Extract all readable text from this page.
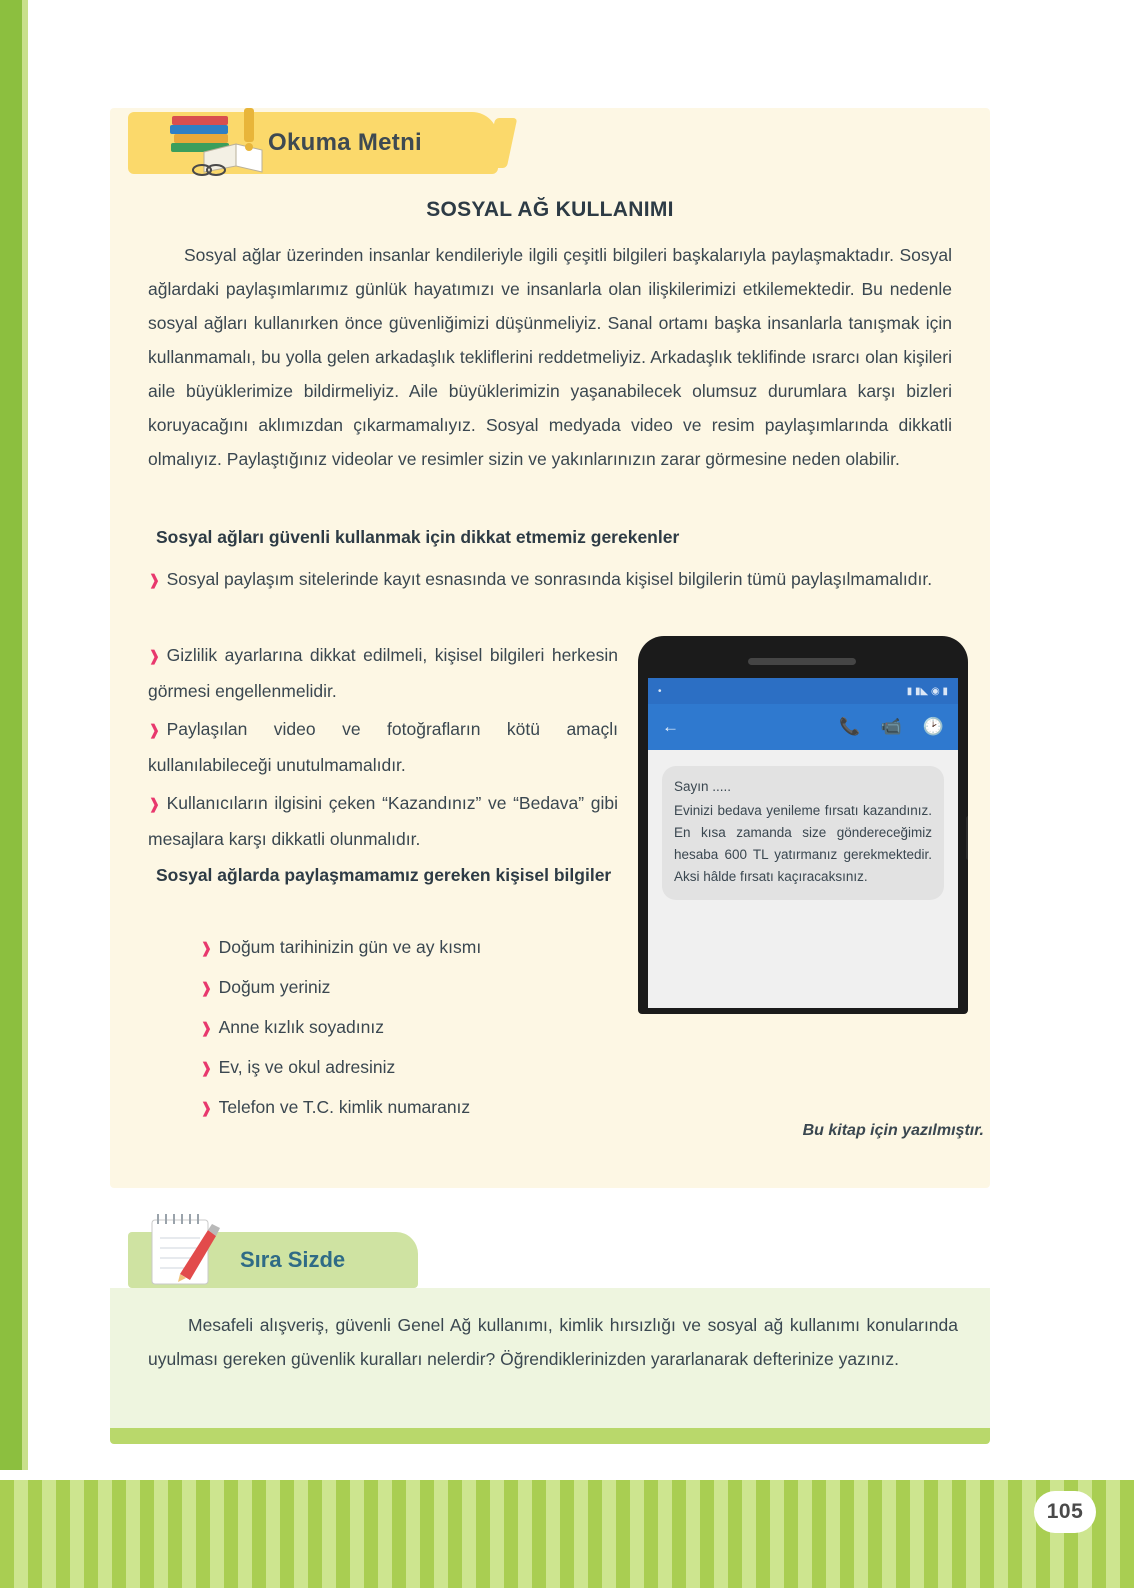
Okuma Metni
SOSYAL AĞ KULLANIMI

Sosyal ağlar üzerinden insanlar kendileriyle ilgili çeşitli bilgileri başkalarıyla paylaşmaktadır. Sosyal ağlardaki paylaşımlarımız günlük hayatımızı ve insanlarla olan ilişkilerimizi etkilemektedir. Bu nedenle sosyal ağları kullanırken önce güvenliğimizi düşünmeliyiz. Sanal ortamı başka insanlarla tanışmak için kullanmamalı, bu yolla gelen arkadaşlık tekliflerini reddetmeliyiz. Arkadaşlık teklifinde ısrarcı olan kişileri aile büyüklerimize bildirmeliyiz. Aile büyüklerimizin yaşanabilecek olumsuz durumlara karşı bizleri koruyacağını aklımızdan çıkarmamalıyız. Sosyal medyada video ve resim paylaşımlarında dikkatli olmalıyız. Paylaştığınız videolar ve resimler sizin ve yakınlarınızın zarar görmesine neden olabilir.

Sosyal ağları güvenli kullanmak için dikkat etmemiz gerekenler
❱ Sosyal paylaşım sitelerinde kayıt esnasında ve sonrasında kişisel bilgilerin tümü paylaşılmamalıdır.
❱ Gizlilik ayarlarına dikkat edilmeli, kişisel bilgileri herkesin görmesi engellenmelidir.
❱ Paylaşılan video ve fotoğrafların kötü amaçlı kullanılabileceği unutulmamalıdır.
❱ Kullanıcıların ilgisini çeken “Kazandınız” ve “Bedava” gibi mesajlara karşı dikkatli olunmalıdır.
Sosyal ağlarda paylaşmamamız gereken kişisel bilgiler
❱ Doğum tarihinizin gün ve ay kısmı
❱ Doğum yeriniz
❱ Anne kızlık soyadınız
❱ Ev, iş ve okul adresiniz
❱ Telefon ve T.C. kimlik numaranız
Bu kitap için yazılmıştır.
•	▮ ▮◣ ◉ ▮
←	📞 📹 🕑
Sayın .....
Evinizi bedava yenileme fırsatı kazandınız. En kısa zamanda size göndereceğimiz hesaba 600 TL yatırmanız gerekmektedir. Aksi hâlde fırsatı kaçıracaksınız.
Sıra Sizde
Mesafeli alışveriş, güvenli Genel Ağ kullanımı, kimlik hırsızlığı ve sosyal ağ kullanımı konularında uyulması gereken güvenlik kuralları nelerdir? Öğrendiklerinizden yararlanarak defterinize yazınız.
105
